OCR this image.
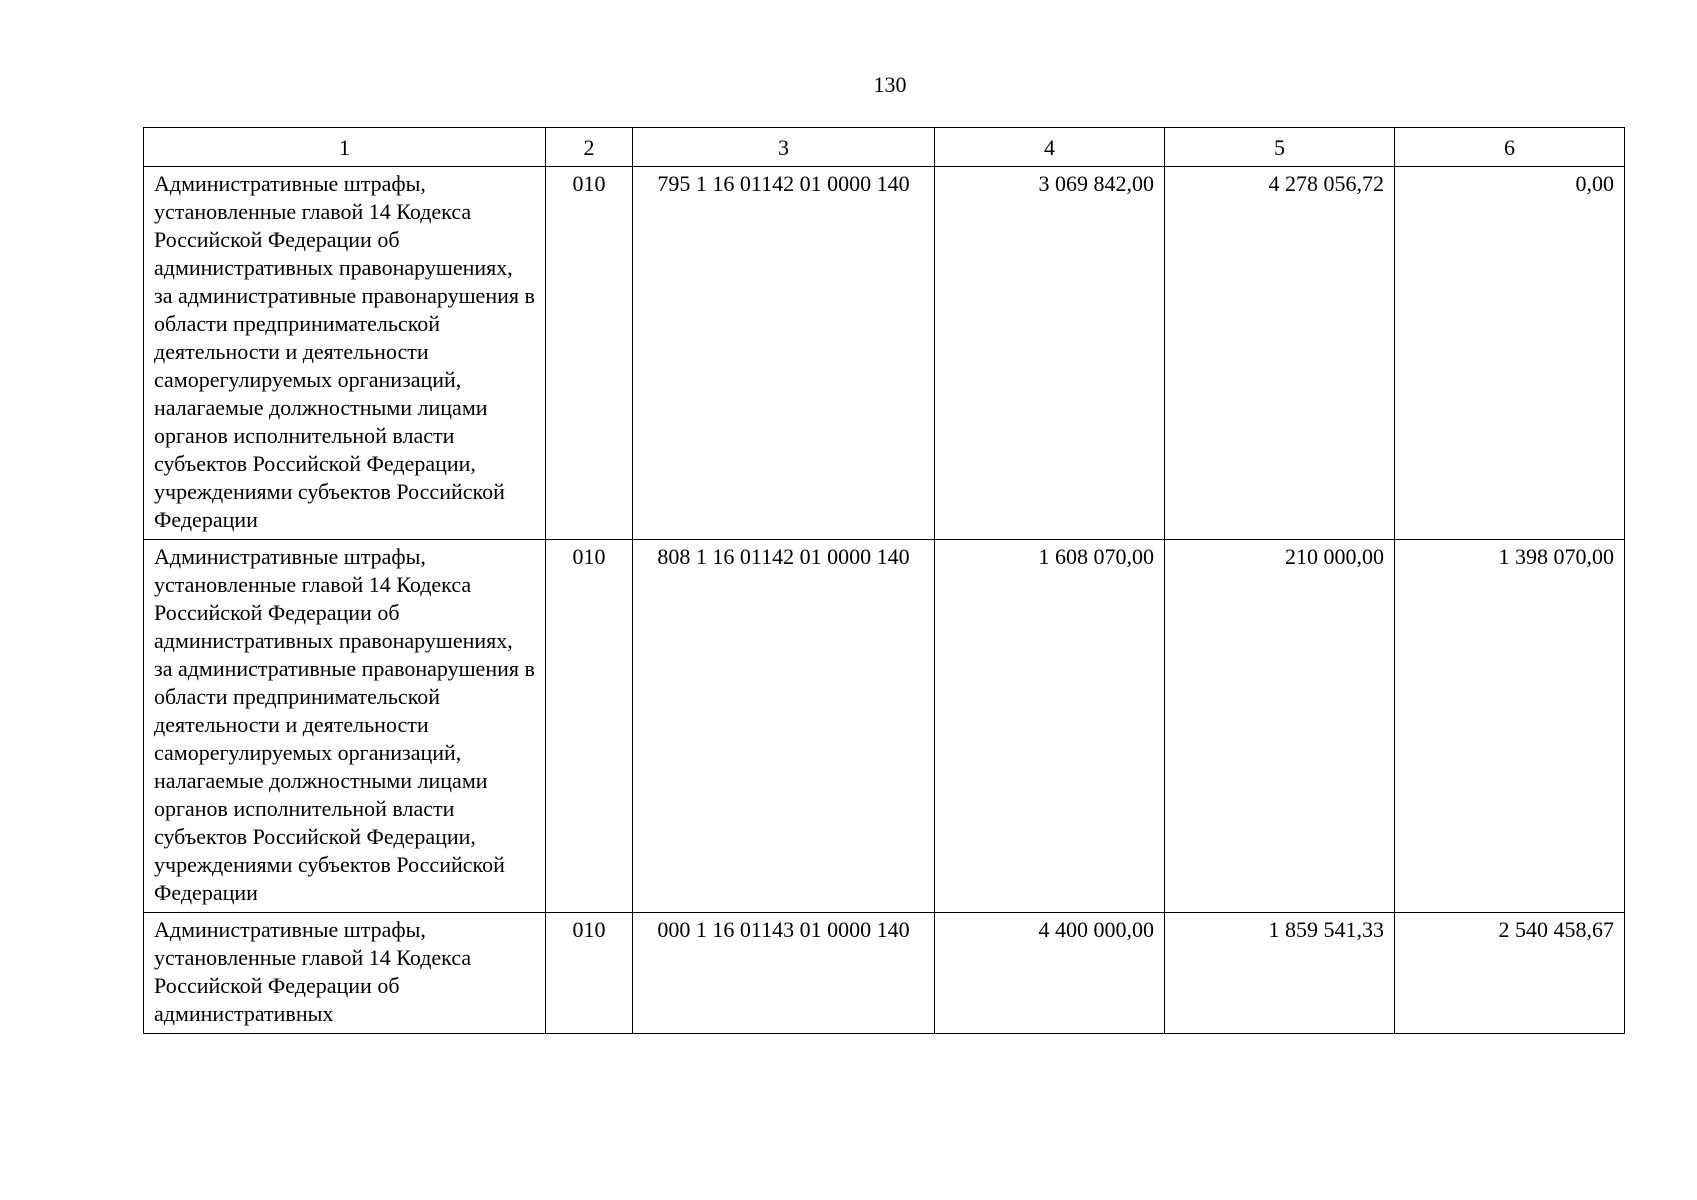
130
1	2	3	4	5	6
Административные штрафы, установленные главой 14 Кодекса Российской Федерации об административных правонарушениях, за административные правонарушения в области предпринимательской деятельности и деятельности саморегулируемых организаций, налагаемые должностными лицами органов исполнительной власти субъектов Российской Федерации, учреждениями субъектов Российской Федерации	010	795 1 16 01142 01 0000 140	3 069 842,00	4 278 056,72	0,00
Административные штрафы, установленные главой 14 Кодекса Российской Федерации об административных правонарушениях, за административные правонарушения в области предпринимательской деятельности и деятельности саморегулируемых организаций, налагаемые должностными лицами органов исполнительной власти субъектов Российской Федерации, учреждениями субъектов Российской Федерации	010	808 1 16 01142 01 0000 140	1 608 070,00	210 000,00	1 398 070,00
Административные штрафы, установленные главой 14 Кодекса Российской Федерации об административных	010	000 1 16 01143 01 0000 140	4 400 000,00	1 859 541,33	2 540 458,67
